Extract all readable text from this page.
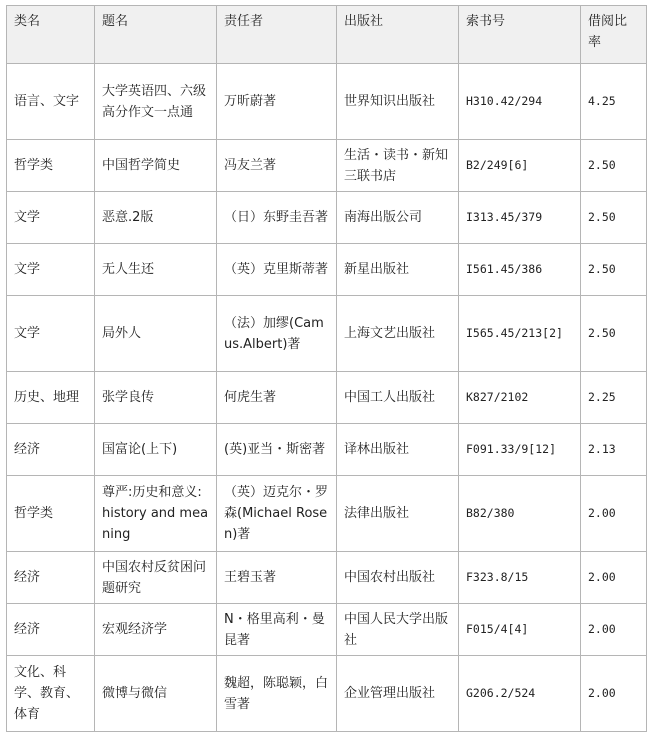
类名	题名	责任者	出版社	索书号	借阅比率
语言、文字	大学英语四、六级高分作文一点通	万昕蔚著	世界知识出版社	H310.42/294	4.25
哲学类	中国哲学简史	冯友兰著	生活・读书・新知三联书店	B2/249[6]	2.50
文学	恶意.2版	（日）东野圭吾著	南海出版公司	I313.45/379	2.50
文学	无人生还	（英）克里斯蒂著	新星出版社	I561.45/386	2.50
文学	局外人	（法）加缪(Camus.Albert)著	上海文艺出版社	I565.45/213[2]	2.50
历史、地理	张学良传	何虎生著	中国工人出版社	K827/2102	2.25
经济	国富论(上下)	(英)亚当・斯密著	译林出版社	F091.33/9[12]	2.13
哲学类	尊严:历史和意义:history and meaning	（英）迈克尔・罗森(Michael Rosen)著	法律出版社	B82/380	2.00
经济	中国农村反贫困问题研究	王碧玉著	中国农村出版社	F323.8/15	2.00
经济	宏观经济学	N・格里高利・曼昆著	中国人民大学出版社	F015/4[4]	2.00
文化、科学、教育、体育	微博与微信	魏超，陈聪颖，白雪著	企业管理出版社	G206.2/524	2.00
